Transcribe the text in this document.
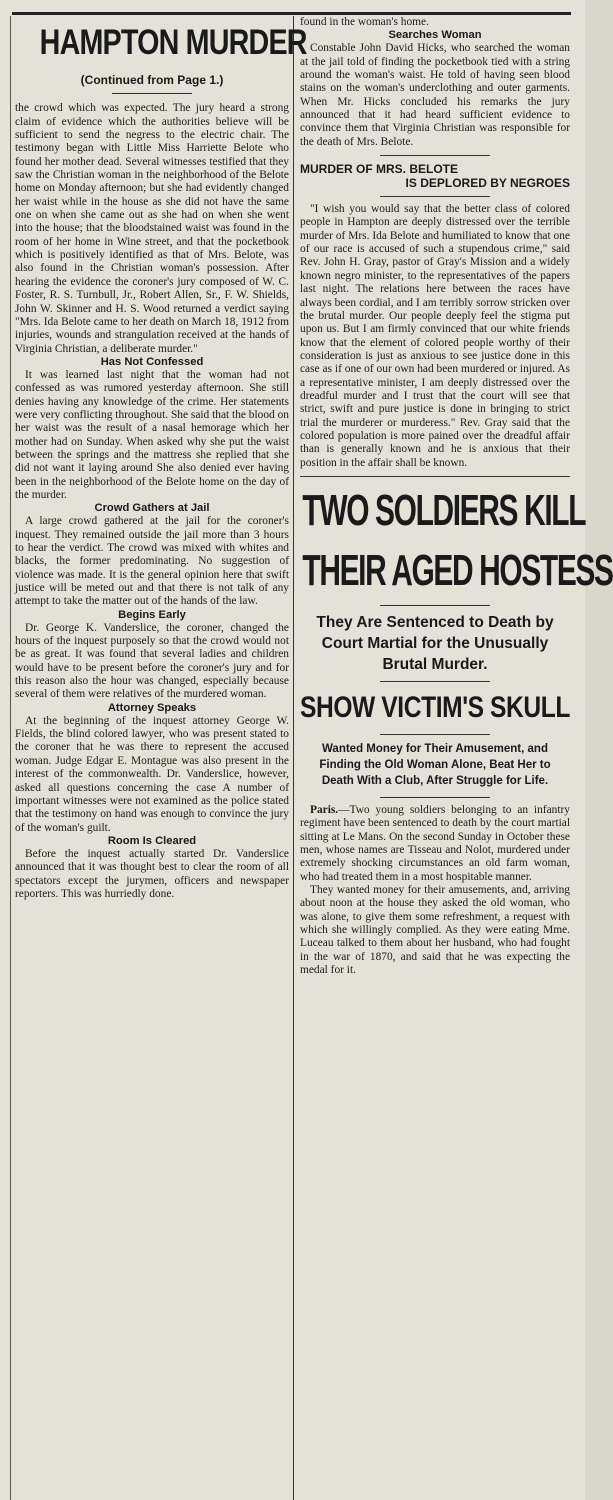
HAMPTON MURDER
(Continued from Page 1.)

the crowd which was expected. The jury heard a strong claim of evidence which the authorities believe will be sufficient to send the negress to the electric chair. The testimony began with Little Miss Harriette Belote who found her mother dead. Several witnesses testified that they saw the Christian woman in the neighborhood of the Belote home on Monday afternoon; but she had evidently changed her waist while in the house as she did not have the same one on when she came out as she had on when she went into the house; that the bloodstained waist was found in the room of her home in Wine street, and that the pocketbook which is positively identified as that of Mrs. Belote, was also found in the Christian woman's possession. After hearing the evidence the coroner's jury composed of W. C. Foster, R. S. Turnbull, Jr., Robert Allen, Sr., F. W. Shields, John W. Skinner and H. S. Wood returned a verdict saying "Mrs. Ida Belote came to her death on March 18, 1912 from injuries, wounds and strangulation received at the hands of Virginia Christian, a deliberate murder."

Has Not Confessed

It was learned last night that the woman had not confessed as was rumored yesterday afternoon. She still denies having any knowledge of the crime. Her statements were very conflicting throughout. She said that the blood on her waist was the result of a nasal hemorage which her mother had on Sunday. When asked why she put the waist between the springs and the mattress she replied that she did not want it laying around She also denied ever having been in the neighborhood of the Belote home on the day of the murder.

Crowd Gathers at Jail

A large crowd gathered at the jail for the coroner's inquest. They remained outside the jail more than 3 hours to hear the verdict. The crowd was mixed with whites and blacks, the former predominating. No suggestion of violence was made. It is the general opinion here that swift justice will be meted out and that there is not talk of any attempt to take the matter out of the hands of the law.

Begins Early

Dr. George K. Vanderslice, the coroner, changed the hours of the inquest purposely so that the crowd would not be as great. It was found that several ladies and children would have to be present before the coroner's jury and for this reason also the hour was changed, especially because several of them were relatives of the murdered woman.

Attorney Speaks

At the beginning of the inquest attorney George W. Fields, the blind colored lawyer, who was present stated to the coroner that he was there to represent the accused woman. Judge Edgar E. Montague was also present in the interest of the commonwealth. Dr. Vanderslice, however, asked all questions concerning the case A number of important witnesses were not examined as the police stated that the testimony on hand was enough to convince the jury of the woman's guilt.

Room Is Cleared

Before the inquest actually started Dr. Vanderslice announced that it was thought best to clear the room of all spectators except the jurymen, officers and newspaper reporters. This was hurriedly done.

found in the woman's home.

Searches Woman

Constable John David Hicks, who searched the woman at the jail told of finding the pocketbook tied with a string around the woman's waist. He told of having seen blood stains on the woman's underclothing and outer garments. When Mr. Hicks concluded his remarks the jury announced that it had heard sufficient evidence to convince them that Virginia Christian was responsible for the death of Mrs. Belote.

MURDER OF MRS. BELOTE
IS DEPLORED BY NEGROES

"I wish you would say that the better class of colored people in Hampton are deeply distressed over the terrible murder of Mrs. Ida Belote and humiliated to know that one of our race is accused of such a stupendous crime," said Rev. John H. Gray, pastor of Gray's Mission and a widely known negro minister, to the representatives of the papers last night. The relations here between the races have always been cordial, and I am terribly sorrow stricken over the brutal murder. Our people deeply feel the stigma put upon us. But I am firmly convinced that our white friends know that the element of colored people worthy of their consideration is just as anxious to see justice done in this case as if one of our own had been murdered or injured. As a representative minister, I am deeply distressed over the dreadful murder and I trust that the court will see that strict, swift and pure justice is done in bringing to strict trial the murderer or murderess." Rev. Gray said that the colored population is more pained over the dreadful affair than is generally known and he is anxious that their position in the affair shall be known.

TWO SOLDIERS KILL
THEIR AGED HOSTESS
They Are Sentenced to Death by Court Martial for the Unusually Brutal Murder.
SHOW VICTIM'S SKULL
Wanted Money for Their Amusement, and Finding the Old Woman Alone, Beat Her to Death With a Club, After Struggle for Life.

Paris.—Two young soldiers belonging to an infantry regiment have been sentenced to death by the court martial sitting at Le Mans. On the second Sunday in October these men, whose names are Tisseau and Nolot, murdered under extremely shocking circumstances an old farm woman, who had treated them in a most hospitable manner.

They wanted money for their amusements, and, arriving about noon at the house they asked the old woman, who was alone, to give them some refreshment, a request with which she willingly complied. As they were eating Mme. Luceau talked to them about her husband, who had fought in the war of 1870, and said that he was expecting the medal for it.
